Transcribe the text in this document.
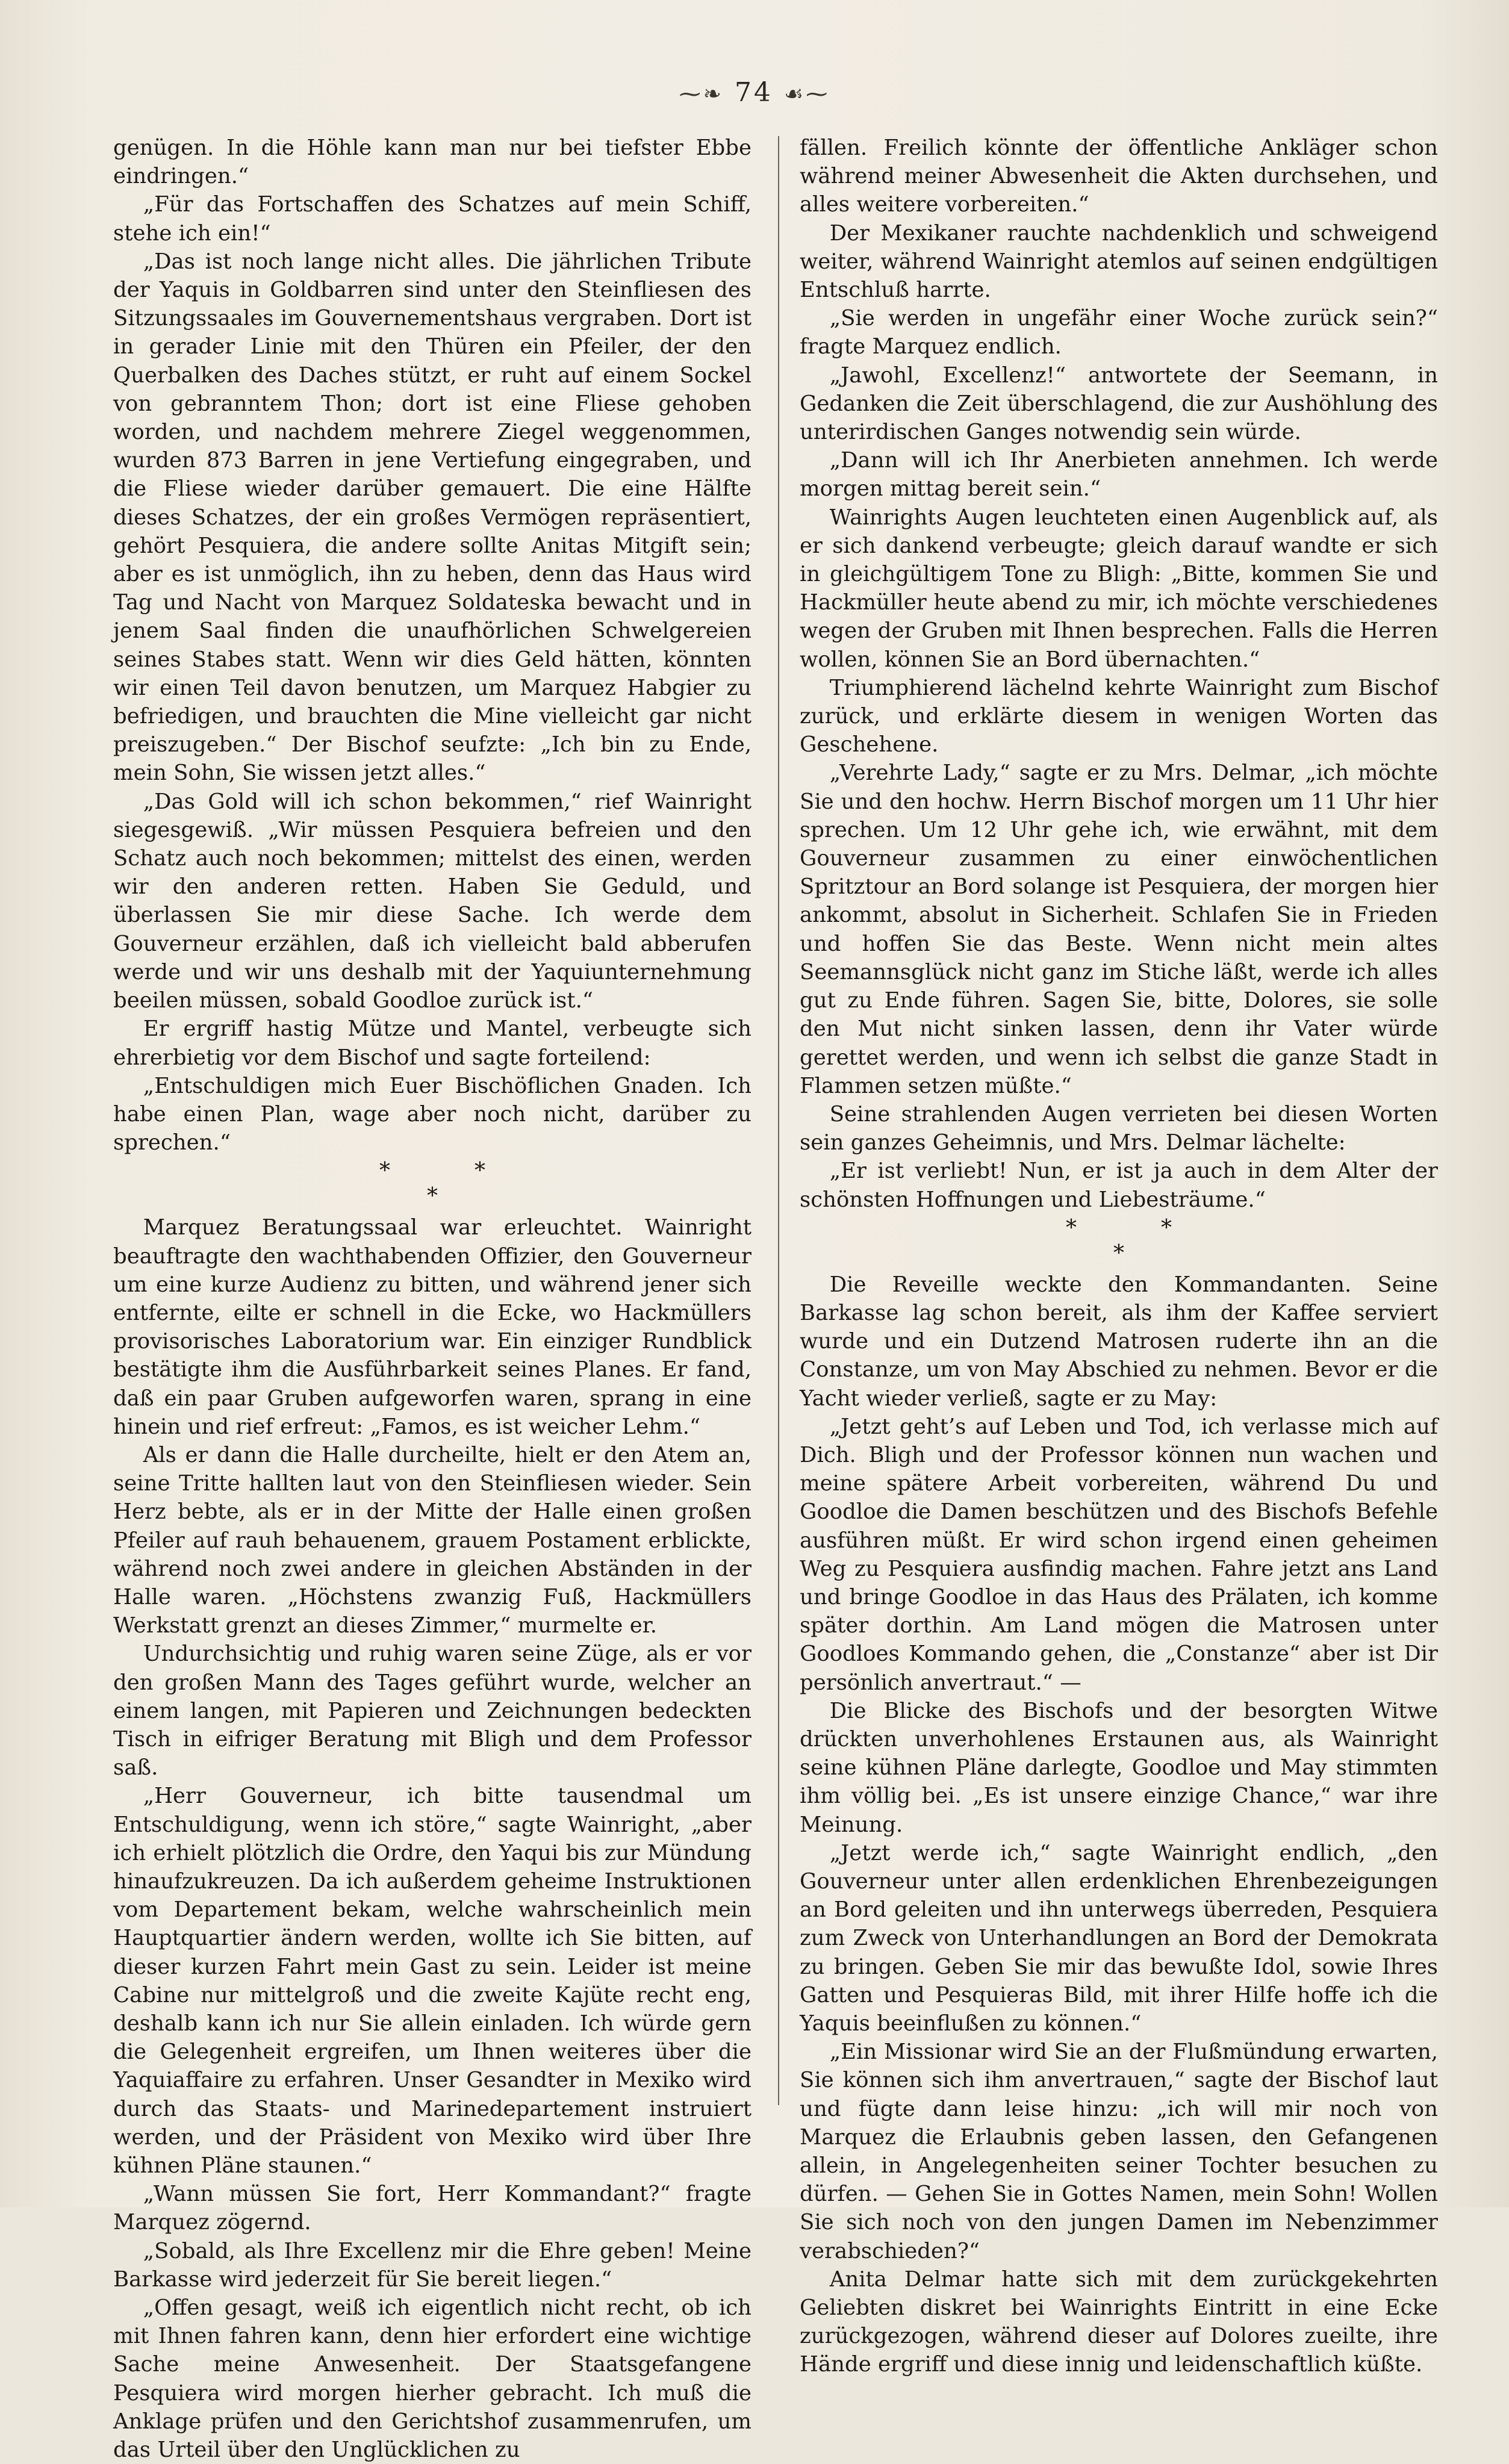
⁓❧ 74 ☙⁓

genügen. In die Höhle kann man nur bei tiefster Ebbe eindringen.“

„Für das Fortschaffen des Schatzes auf mein Schiff, stehe ich ein!“

„Das ist noch lange nicht alles. Die jährlichen Tribute der Yaquis in Goldbarren sind unter den Steinfliesen des Sitzungssaales im Gouvernementshaus vergraben. Dort ist in gerader Linie mit den Thüren ein Pfeiler, der den Querbalken des Daches stützt, er ruht auf einem Sockel von gebranntem Thon; dort ist eine Fliese gehoben worden, und nachdem mehrere Ziegel weggenommen, wurden 873 Barren in jene Vertiefung eingegraben, und die Fliese wieder darüber gemauert. Die eine Hälfte dieses Schatzes, der ein großes Vermögen repräsentiert, gehört Pesquiera, die andere sollte Anitas Mitgift sein; aber es ist unmöglich, ihn zu heben, denn das Haus wird Tag und Nacht von Marquez Soldateska bewacht und in jenem Saal finden die unaufhörlichen Schwelgereien seines Stabes statt. Wenn wir dies Geld hätten, könnten wir einen Teil davon benutzen, um Marquez Habgier zu befriedigen, und brauchten die Mine vielleicht gar nicht preiszugeben.“ Der Bischof seufzte: „Ich bin zu Ende, mein Sohn, Sie wissen jetzt alles.“

„Das Gold will ich schon bekommen,“ rief Wainright siegesgewiß. „Wir müssen Pesquiera befreien und den Schatz auch noch bekommen; mittelst des einen, werden wir den anderen retten. Haben Sie Geduld, und überlassen Sie mir diese Sache. Ich werde dem Gouverneur erzählen, daß ich vielleicht bald abberufen werde und wir uns deshalb mit der Yaquiunternehmung beeilen müssen, sobald Goodloe zurück ist.“

Er ergriff hastig Mütze und Mantel, verbeugte sich ehrerbietig vor dem Bischof und sagte forteilend:

„Entschuldigen mich Euer Bischöflichen Gnaden. Ich habe einen Plan, wage aber noch nicht, darüber zu sprechen.“

*	*
*

Marquez Beratungssaal war erleuchtet. Wainright beauftragte den wachthabenden Offizier, den Gouverneur um eine kurze Audienz zu bitten, und während jener sich entfernte, eilte er schnell in die Ecke, wo Hackmüllers provisorisches Laboratorium war. Ein einziger Rundblick bestätigte ihm die Ausführbarkeit seines Planes. Er fand, daß ein paar Gruben aufgeworfen waren, sprang in eine hinein und rief erfreut: „Famos, es ist weicher Lehm.“

Als er dann die Halle durcheilte, hielt er den Atem an, seine Tritte hallten laut von den Steinfliesen wieder. Sein Herz bebte, als er in der Mitte der Halle einen großen Pfeiler auf rauh behauenem, grauem Postament erblickte, während noch zwei andere in gleichen Abständen in der Halle waren. „Höchstens zwanzig Fuß, Hackmüllers Werkstatt grenzt an dieses Zimmer,“ murmelte er.

Undurchsichtig und ruhig waren seine Züge, als er vor den großen Mann des Tages geführt wurde, welcher an einem langen, mit Papieren und Zeichnungen bedeckten Tisch in eifriger Beratung mit Bligh und dem Professor saß.

„Herr Gouverneur, ich bitte tausendmal um Entschuldigung, wenn ich störe,“ sagte Wainright, „aber ich erhielt plötzlich die Ordre, den Yaqui bis zur Mündung hinaufzukreuzen. Da ich außerdem geheime Instruktionen vom Departement bekam, welche wahrscheinlich mein Hauptquartier ändern werden, wollte ich Sie bitten, auf dieser kurzen Fahrt mein Gast zu sein. Leider ist meine Cabine nur mittelgroß und die zweite Kajüte recht eng, deshalb kann ich nur Sie allein einladen. Ich würde gern die Gelegenheit ergreifen, um Ihnen weiteres über die Yaquiaffaire zu erfahren. Unser Gesandter in Mexiko wird durch das Staats- und Marinedepartement instruiert werden, und der Präsident von Mexiko wird über Ihre kühnen Pläne staunen.“

„Wann müssen Sie fort, Herr Kommandant?“ fragte Marquez zögernd.

„Sobald, als Ihre Excellenz mir die Ehre geben! Meine Barkasse wird jederzeit für Sie bereit liegen.“

„Offen gesagt, weiß ich eigentlich nicht recht, ob ich mit Ihnen fahren kann, denn hier erfordert eine wichtige Sache meine Anwesenheit. Der Staatsgefangene Pesquiera wird morgen hierher gebracht. Ich muß die Anklage prüfen und den Gerichtshof zusammenrufen, um das Urteil über den Unglücklichen zu

fällen. Freilich könnte der öffentliche Ankläger schon während meiner Abwesenheit die Akten durchsehen, und alles weitere vorbereiten.“

Der Mexikaner rauchte nachdenklich und schweigend weiter, während Wainright atemlos auf seinen endgültigen Entschluß harrte.

„Sie werden in ungefähr einer Woche zurück sein?“ fragte Marquez endlich.

„Jawohl, Excellenz!“ antwortete der Seemann, in Gedanken die Zeit überschlagend, die zur Aushöhlung des unterirdischen Ganges notwendig sein würde.

„Dann will ich Ihr Anerbieten annehmen. Ich werde morgen mittag bereit sein.“

Wainrights Augen leuchteten einen Augenblick auf, als er sich dankend verbeugte; gleich darauf wandte er sich in gleichgültigem Tone zu Bligh: „Bitte, kommen Sie und Hackmüller heute abend zu mir, ich möchte verschiedenes wegen der Gruben mit Ihnen besprechen. Falls die Herren wollen, können Sie an Bord übernachten.“

Triumphierend lächelnd kehrte Wainright zum Bischof zurück, und erklärte diesem in wenigen Worten das Geschehene.

„Verehrte Lady,“ sagte er zu Mrs. Delmar, „ich möchte Sie und den hochw. Herrn Bischof morgen um 11 Uhr hier sprechen. Um 12 Uhr gehe ich, wie erwähnt, mit dem Gouverneur zusammen zu einer einwöchentlichen Spritztour an Bord solange ist Pesquiera, der morgen hier ankommt, absolut in Sicherheit. Schlafen Sie in Frieden und hoffen Sie das Beste. Wenn nicht mein altes Seemannsglück nicht ganz im Stiche läßt, werde ich alles gut zu Ende führen. Sagen Sie, bitte, Dolores, sie solle den Mut nicht sinken lassen, denn ihr Vater würde gerettet werden, und wenn ich selbst die ganze Stadt in Flammen setzen müßte.“

Seine strahlenden Augen verrieten bei diesen Worten sein ganzes Geheimnis, und Mrs. Delmar lächelte:

„Er ist verliebt! Nun, er ist ja auch in dem Alter der schönsten Hoffnungen und Liebesträume.“

*	*
*

Die Reveille weckte den Kommandanten. Seine Barkasse lag schon bereit, als ihm der Kaffee serviert wurde und ein Dutzend Matrosen ruderte ihn an die Constanze, um von May Abschied zu nehmen. Bevor er die Yacht wieder verließ, sagte er zu May:

„Jetzt geht’s auf Leben und Tod, ich verlasse mich auf Dich. Bligh und der Professor können nun wachen und meine spätere Arbeit vorbereiten, während Du und Goodloe die Damen beschützen und des Bischofs Befehle ausführen müßt. Er wird schon irgend einen geheimen Weg zu Pesquiera ausfindig machen. Fahre jetzt ans Land und bringe Goodloe in das Haus des Prälaten, ich komme später dorthin. Am Land mögen die Matrosen unter Goodloes Kommando gehen, die „Constanze“ aber ist Dir persönlich anvertraut.“ —

Die Blicke des Bischofs und der besorgten Witwe drückten unverhohlenes Erstaunen aus, als Wainright seine kühnen Pläne darlegte, Goodloe und May stimmten ihm völlig bei. „Es ist unsere einzige Chance,“ war ihre Meinung.

„Jetzt werde ich,“ sagte Wainright endlich, „den Gouverneur unter allen erdenklichen Ehrenbezeigungen an Bord geleiten und ihn unterwegs überreden, Pesquiera zum Zweck von Unterhandlungen an Bord der Demokrata zu bringen. Geben Sie mir das bewußte Idol, sowie Ihres Gatten und Pesquieras Bild, mit ihrer Hilfe hoffe ich die Yaquis beeinflußen zu können.“

„Ein Missionar wird Sie an der Flußmündung erwarten, Sie können sich ihm anvertrauen,“ sagte der Bischof laut und fügte dann leise hinzu: „ich will mir noch von Marquez die Erlaubnis geben lassen, den Gefangenen allein, in Angelegenheiten seiner Tochter besuchen zu dürfen. — Gehen Sie in Gottes Namen, mein Sohn! Wollen Sie sich noch von den jungen Damen im Nebenzimmer verabschieden?“

Anita Delmar hatte sich mit dem zurückgekehrten Geliebten diskret bei Wainrights Eintritt in eine Ecke zurückgezogen, während dieser auf Dolores zueilte, ihre Hände ergriff und diese innig und leidenschaftlich küßte.
